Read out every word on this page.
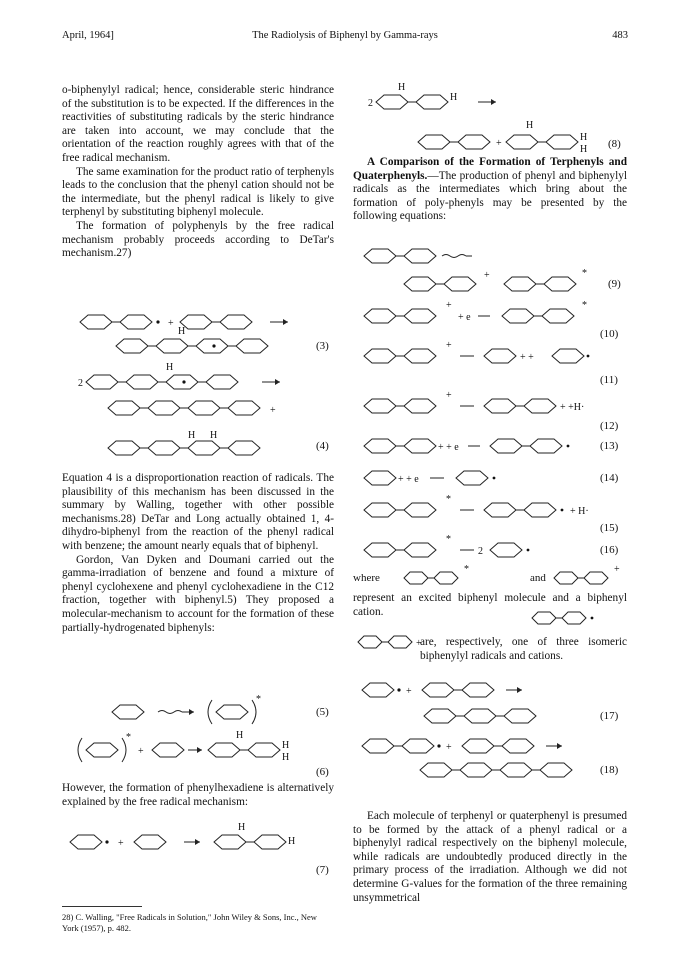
April, 1964]	The Radiolysis of Biphenyl by Gamma-rays	483

o-biphenylyl radical; hence, considerable steric hindrance of the substitution is to be expected. If the differences in the reactivities of substituting radicals by the steric hindrance are taken into account, we may conclude that the orientation of the reaction roughly agrees with that of the free radical mechanism.

The same examination for the product ratio of terphenyls leads to the conclusion that the phenyl cation should not be the intermediate, but the phenyl radical is likely to give terphenyl by substituting biphenyl molecule.

The formation of polyphenyls by the free radical mechanism probably proceeds according to DeTar's mechanism.27)

Equation 4 is a disproportionation reaction of radicals. The plausibility of this mechanism has been discussed in the summary by Walling, together with other possible mechanisms.28) DeTar and Long actually obtained 1, 4-dihydro-biphenyl from the reaction of the phenyl radical with benzene; the amount nearly equals that of biphenyl.

Gordon, Van Dyken and Doumani carried out the gamma-irradiation of benzene and found a mixture of phenyl cyclohexene and phenyl cyclohexadiene in the C12 fraction, together with biphenyl.5) They proposed a molecular-mechanism to account for the formation of these partially-hydrogenated biphenyls:

However, the formation of phenylhexadiene is alternatively explained by the free radical mechanism:

28) C. Walling, "Free Radicals in Solution," John Wiley & Sons, Inc., New York (1957), p. 482.
+
H
2
H
+
H H
*
*
+
H
H
H
+
H
H
(3)
(4)
(5)
(6)
(7)
2
H
H
+
H
H
H
+	*
+
+ e
*
+
+ +
+
+ +H·
+ + e
+ + e
*
+ H·
*
2
*	+
+
+
+
(8)

A Comparison of the Formation of Terphenyls and Quaterphenyls.—The production of phenyl and biphenylyl radicals as the intermediates which bring about the formation of poly-phenyls may be presented by the following equations:

(9)
(10)
(11)
(12)
(13)
(14)
(15)
(16)
where	and

represent an excited biphenyl molecule and a biphenyl cation.

are, respectively, one of three isomeric biphenylyl radicals and cations.

(17)
(18)

Each molecule of terphenyl or quaterphenyl is presumed to be formed by the attack of a phenyl radical or a biphenylyl radical respectively on the biphenyl molecule, while radicals are undoubtedly produced directly in the primary process of the irradiation. Although we did not determine G-values for the formation of the three remaining unsymmetrical
